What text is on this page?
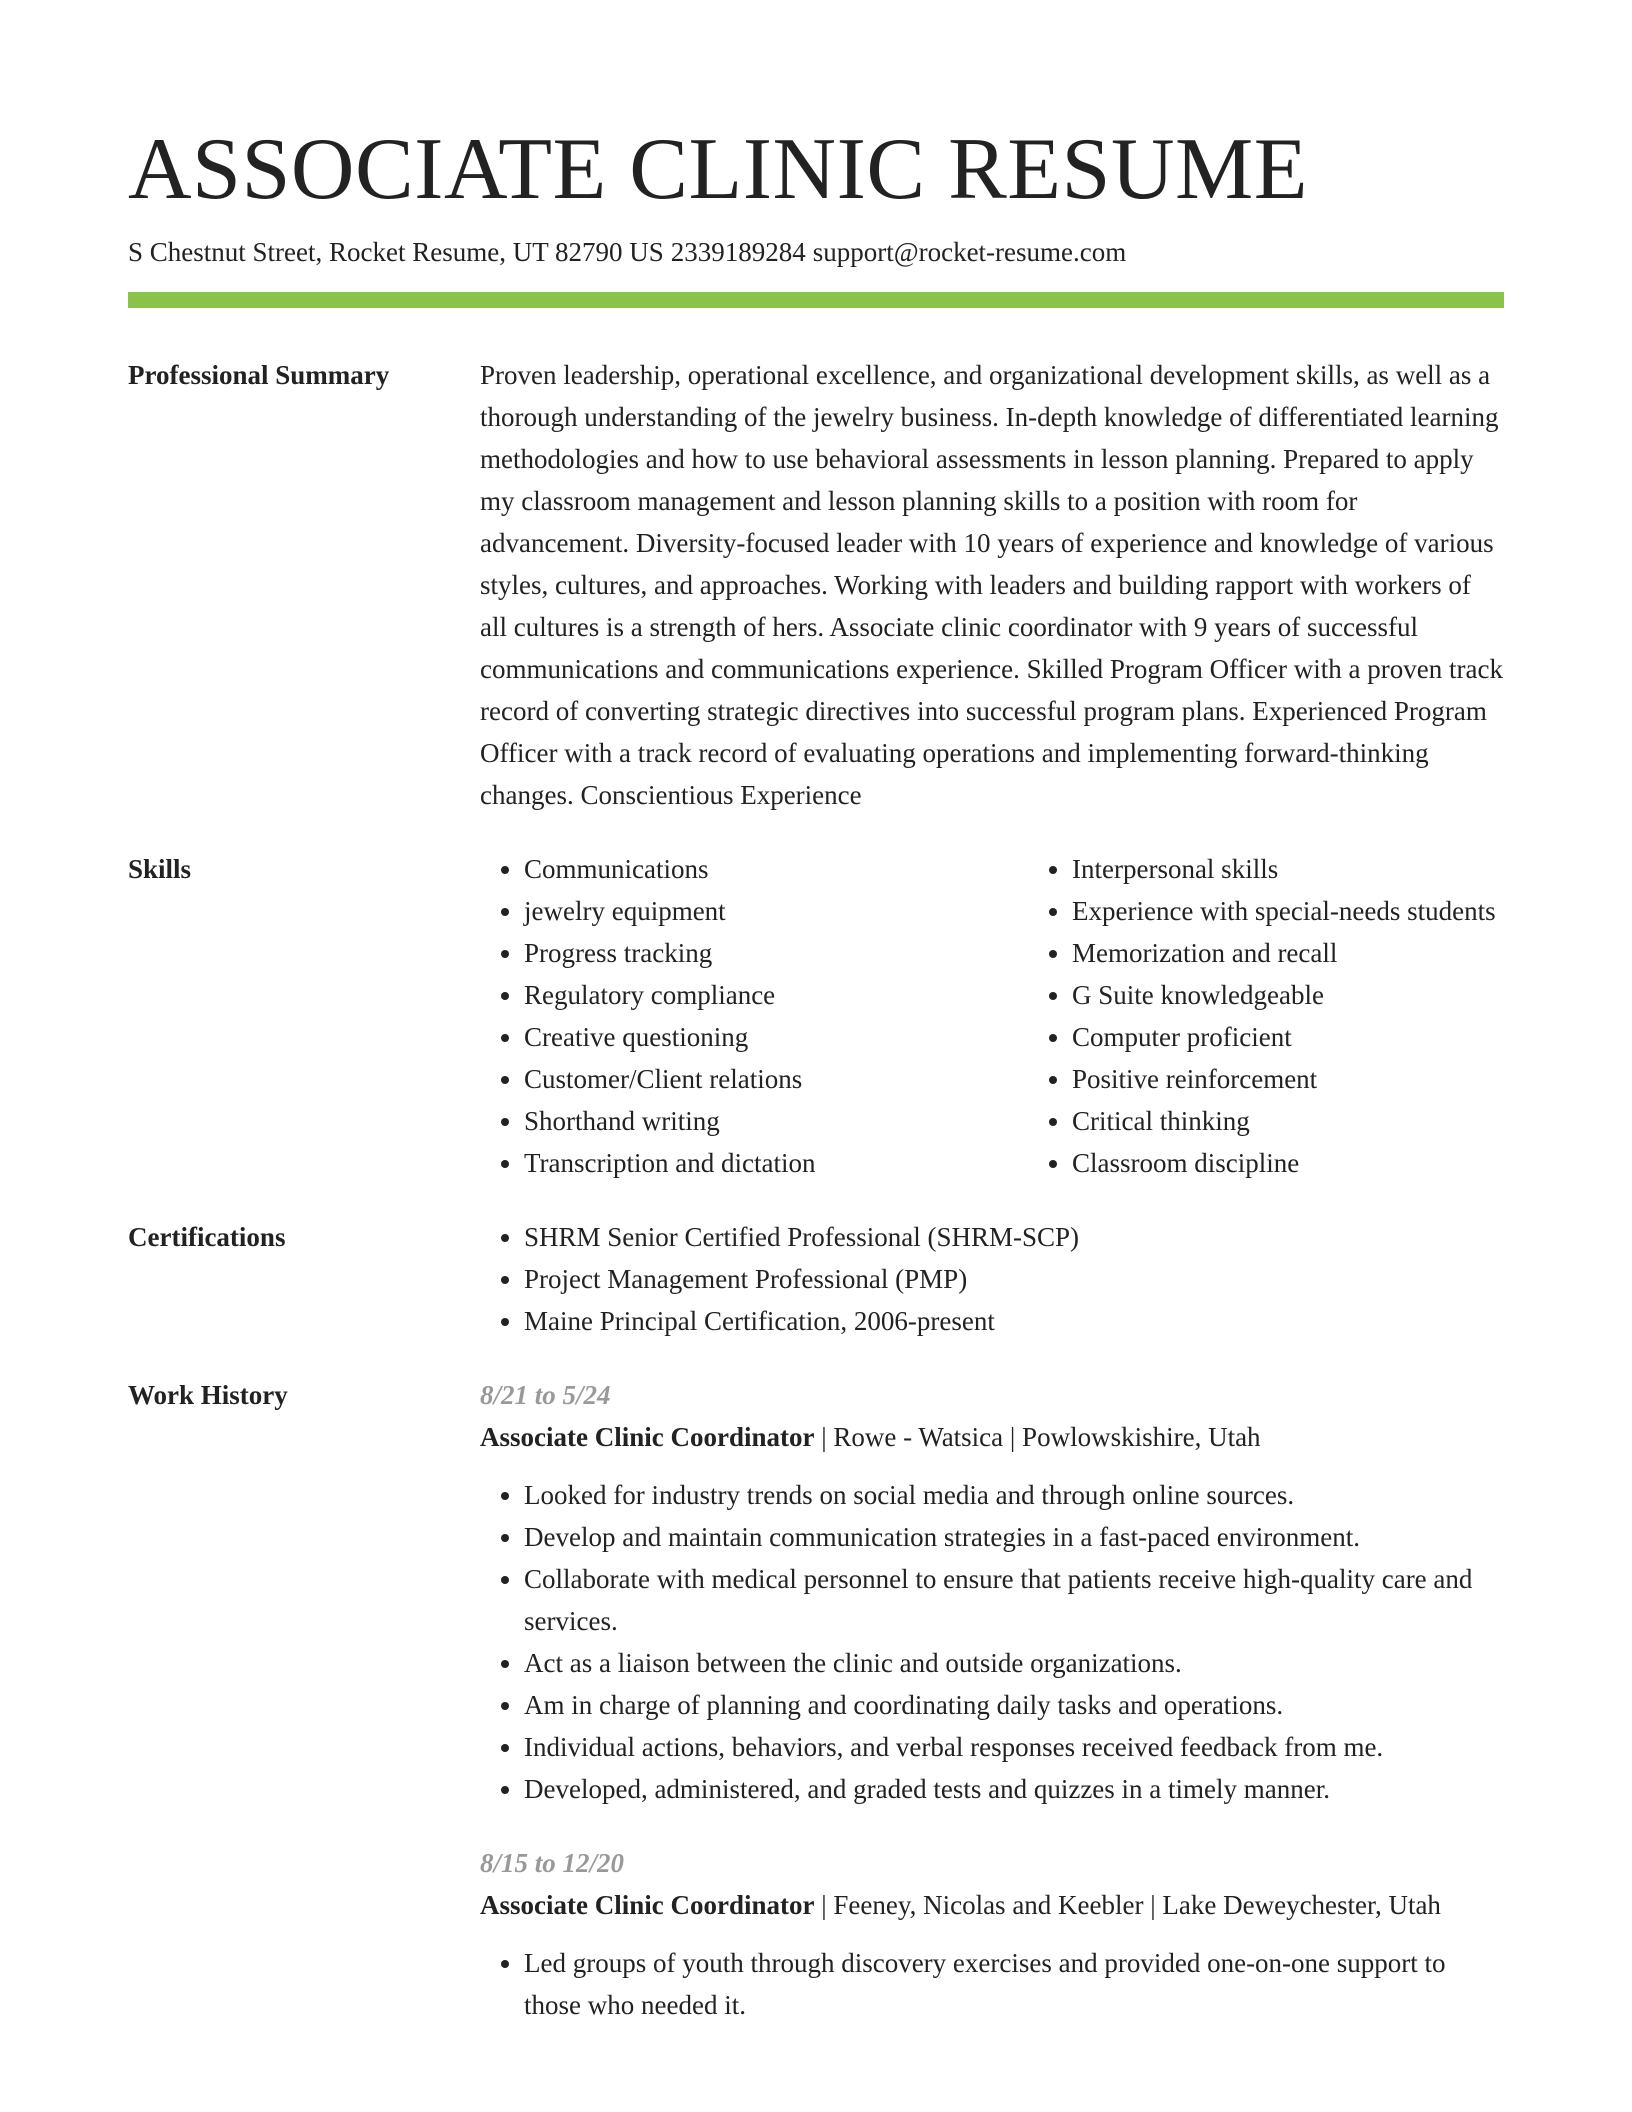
ASSOCIATE CLINIC RESUME
S Chestnut Street, Rocket Resume, UT 82790 US 2339189284 support@rocket-resume.com
Professional Summary	Proven leadership, operational excellence, and organizational development skills, as well as a thorough understanding of the jewelry business. In-depth knowledge of differentiated learning methodologies and how to use behavioral assessments in lesson planning. Prepared to apply my classroom management and lesson planning skills to a position with room for advancement. Diversity-focused leader with 10 years of experience and knowledge of various styles, cultures, and approaches. Working with leaders and building rapport with workers of all cultures is a strength of hers. Associate clinic coordinator with 9 years of successful communications and communications experience. Skilled Program Officer with a proven track record of converting strategic directives into successful program plans. Experienced Program Officer with a track record of evaluating operations and implementing forward-thinking changes. Conscientious Experience

Skills	• Communications
• jewelry equipment
• Progress tracking
• Regulatory compliance
• Creative questioning
• Customer/Client relations
• Shorthand writing
• Transcription and dictation
• Interpersonal skills
• Experience with special-needs students
• Memorization and recall
• G Suite knowledgeable
• Computer proficient
• Positive reinforcement
• Critical thinking
• Classroom discipline
Certifications	• SHRM Senior Certified Professional (SHRM-SCP)
• Project Management Professional (PMP)
• Maine Principal Certification, 2006-present
Work History	8/21 to 5/24
Associate Clinic Coordinator | Rowe - Watsica | Powlowskishire, Utah
• Looked for industry trends on social media and through online sources.
• Develop and maintain communication strategies in a fast-paced environment.
• Collaborate with medical personnel to ensure that patients receive high-quality care and services.
• Act as a liaison between the clinic and outside organizations.
• Am in charge of planning and coordinating daily tasks and operations.
• Individual actions, behaviors, and verbal responses received feedback from me.
• Developed, administered, and graded tests and quizzes in a timely manner.
8/15 to 12/20
Associate Clinic Coordinator | Feeney, Nicolas and Keebler | Lake Deweychester, Utah
• Led groups of youth through discovery exercises and provided one-on-one support to those who needed it.
